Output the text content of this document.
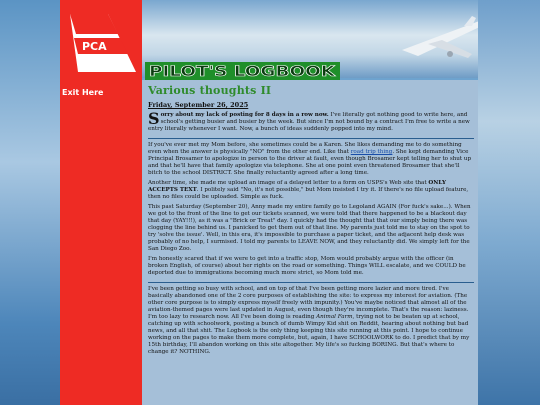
PCA
Exit Here
PILOT'S LOGBOOK
Various thoughts II
Friday, September 26, 2025

Sorry about my lack of posting for 8 days in a row now. I've literally got nothing good to write here, and school's getting busier and busier by the week. But since I'm not bound by a contract I'm free to write a new entry literally whenever I want. Now, a bunch of ideas suddenly popped into my mind.

If you've ever met my Mom before, she sometimes could be a Karen. She likes demanding me to do something even when the answer is physically "NO" from the other end. Like that road trip thing. She kept demanding Vice Principal Brosamer to apologize in person to the driver at fault, even though Brosamer kept telling her to shut up and that he'll have that family apologize via telephone. She at one point even threatened Brosamer that she'll bitch to the school DISTRICT. She finally reluctantly agreed after a long time.

Another time, she made me upload an image of a delayed letter to a form on USPS's Web site that ONLY ACCEPTS TEXT. I politely said "No, it's not possible," but Mom insisted I try it. If there's no file upload feature, then no files could be uploaded. Simple as fuck.

This past Saturday (September 20), Anny made my entire family go to Legoland AGAIN (For fuck's sake...). When we got to the front of the line to get our tickets scanned, we were told that there happened to be a blackout day that day (YAY!!!), as it was a "Brick or Treat" day. I quickly had the thought that that our simply being there was clogging the line behind us. I panicked to get them out of that line. My parents just told me to stay on the spot to try 'solve the issue'. Well, in this era, it's impossible to purchase a paper ticket, and the adjacent help desk was probably of no help, I surmised. I told my parents to LEAVE NOW, and they reluctantly did. We simply left for the San Diego Zoo.

I'm honestly scared that if we were to get into a traffic stop, Mom would probably argue with the officer (in broken English, of course) about her rights on the road or something. Things WILL escalate, and we COULD be deported due to immigrations becoming much more strict, so Mom told me.

I've been getting so busy with school, and on top of that I've been getting more lazier and more tired. I've basically abandoned one of the 2 core purposes of establishing the site: to express my interest for aviation. (The other core purpose is to simply express myself freely with impunity.) You've maybe noticed that almost all of the aviation-themed pages were last updated in August, even though they're incomplete. That's the reason: laziness. I'm too lazy to research now. All I've been doing is reading Animal Farm, trying not to be beaten up at school, catching up with schoolwork, posting a bunch of dumb Wimpy Kid shit on Reddit, hearing about nothing but bad news, and all that shit. The Logbook is the only thing keeping this site running at this point. I hope to continue working on the pages to make them more complete, but, again, I have SCHOOLWORK to do. I predict that by my 15th birthday, I'll abandon working on this site altogether. My life's so fucking BORING. But that's where to change it? NOTHING.
